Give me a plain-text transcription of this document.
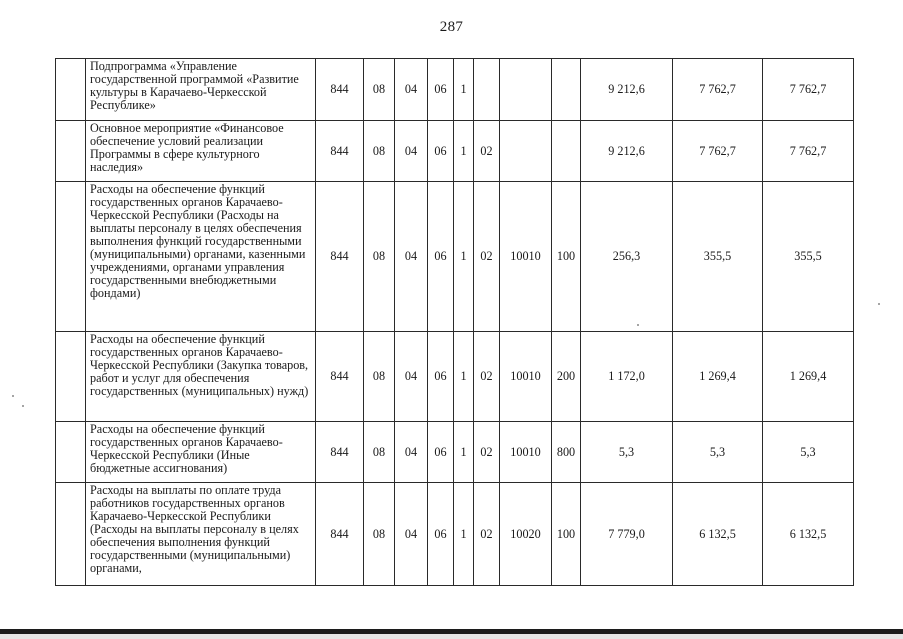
287
	Подпрограмма «Управление государственной программой «Развитие культуры в Карачаево-Черкесской Республике»	844	08	04	06	1				9 212,6	7 762,7	7 762,7
	Основное мероприятие «Финансовое обеспечение условий реализации Программы в сфере культурного наследия»	844	08	04	06	1	02			9 212,6	7 762,7	7 762,7
	Расходы на обеспечение функций государственных органов Карачаево-Черкесской Республики (Расходы на выплаты персоналу в целях обеспечения выполнения функций государственными (муниципальными) органами, казенными учреждениями, органами управления государственными внебюджетными фондами)	844	08	04	06	1	02	10010	100	256,3	355,5	355,5
	Расходы на обеспечение функций государственных органов Карачаево-Черкесской Республики (Закупка товаров, работ и услуг для обеспечения государственных (муниципальных) нужд)	844	08	04	06	1	02	10010	200	1 172,0	1 269,4	1 269,4
	Расходы на обеспечение функций государственных органов Карачаево-Черкесской Республики (Иные бюджетные ассигнования)	844	08	04	06	1	02	10010	800	5,3	5,3	5,3
	Расходы на выплаты по оплате труда работников государственных органов Карачаево-Черкесской Республики (Расходы на выплаты персоналу в целях обеспечения выполнения функций государственными (муниципальными) органами,	844	08	04	06	1	02	10020	100	7 779,0	6 132,5	6 132,5
